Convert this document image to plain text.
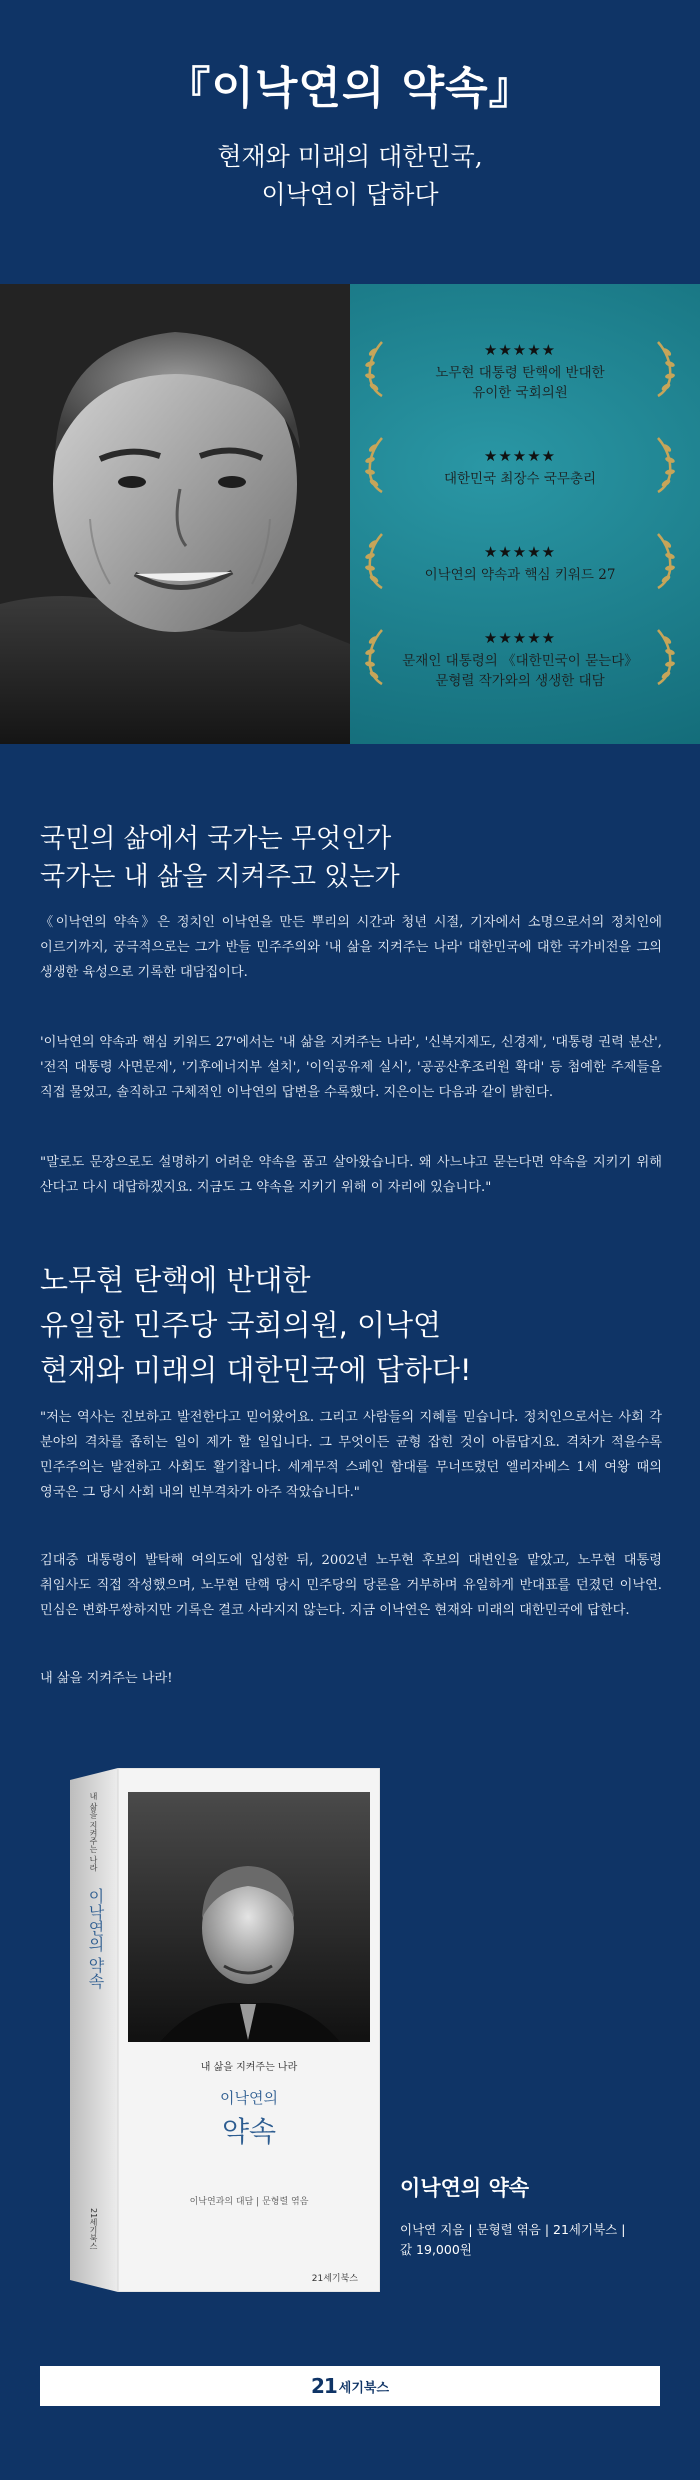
『이낙연의 약속』
현재와 미래의 대한민국,
이낙연이 답하다
★★★★★
노무현 대통령 탄핵에 반대한
유이한 국회의원
★★★★★
대한민국 최장수 국무총리
★★★★★
이낙연의 약속과 핵심 키워드 27
★★★★★
문재인 대통령의 《대한민국이 묻는다》
문형렬 작가와의 생생한 대담
국민의 삶에서 국가는 무엇인가
국가는 내 삶을 지켜주고 있는가

《이낙연의 약속》은 정치인 이낙연을 만든 뿌리의 시간과 청년 시절, 기자에서 소명으로서의 정치인에 이르기까지, 궁극적으로는 그가 반들 민주주의와 '내 삶을 지켜주는 나라' 대한민국에 대한 국가비전을 그의 생생한 육성으로 기록한 대담집이다.

'이낙연의 약속과 핵심 키워드 27'에서는 '내 삶을 지켜주는 나라', '신복지제도, 신경제', '대통령 권력 분산', '전직 대통령 사면문제', '기후에너지부 설치', '이익공유제 실시', '공공산후조리원 확대' 등 첨예한 주제들을 직접 물었고, 솔직하고 구체적인 이낙연의 답변을 수록했다. 지은이는 다음과 같이 밝힌다.

"말로도 문장으로도 설명하기 어려운 약속을 품고 살아왔습니다. 왜 사느냐고 묻는다면 약속을 지키기 위해 산다고 다시 대답하겠지요. 지금도 그 약속을 지키기 위해 이 자리에 있습니다."

노무현 탄핵에 반대한
유일한 민주당 국회의원, 이낙연
현재와 미래의 대한민국에 답하다!

"저는 역사는 진보하고 발전한다고 믿어왔어요. 그리고 사람들의 지혜를 믿습니다. 정치인으로서는 사회 각 분야의 격차를 좁히는 일이 제가 할 일입니다. 그 무엇이든 균형 잡힌 것이 아름답지요. 격차가 적을수록 민주주의는 발전하고 사회도 활기찹니다. 세계무적 스페인 함대를 무너뜨렸던 엘리자베스 1세 여왕 때의 영국은 그 당시 사회 내의 빈부격차가 아주 작았습니다."

김대중 대통령이 발탁해 여의도에 입성한 뒤, 2002년 노무현 후보의 대변인을 맡았고, 노무현 대통령 취임사도 직접 작성했으며, 노무현 탄핵 당시 민주당의 당론을 거부하며 유일하게 반대표를 던졌던 이낙연. 민심은 변화무쌍하지만 기록은 결코 사라지지 않는다. 지금 이낙연은 현재와 미래의 대한민국에 답한다.

내 삶을 지켜주는 나라!

내 삶을 지켜주는 나라
이낙연의
약속
이낙연과의 대담 | 문형렬 엮음
21세기북스
이낙연의 약속
내 삶을 지켜주는 나라
21세기북스
이낙연의 약속
이낙연 지음 | 문형렬 엮음 | 21세기북스 |
값 19,000원
21 세기북스
